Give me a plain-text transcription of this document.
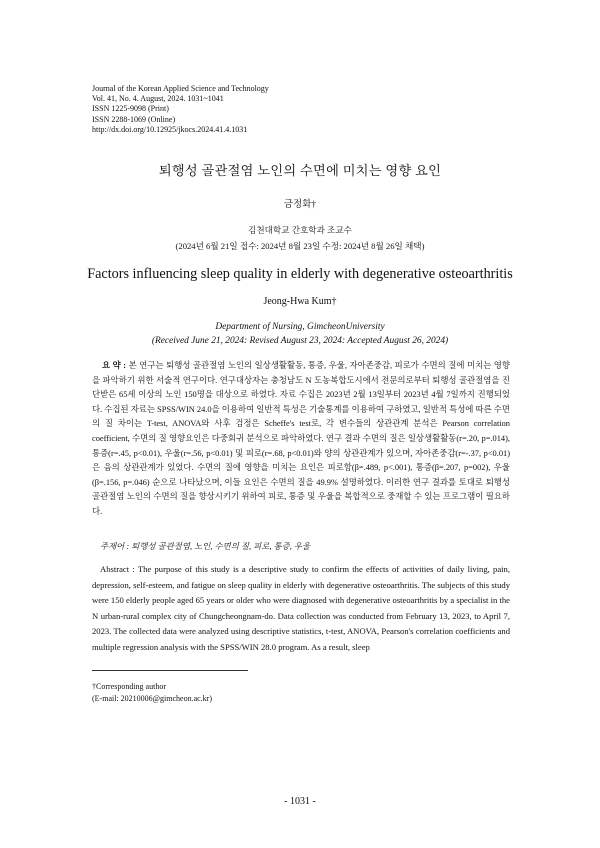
Journal of the Korean Applied Science and Technology
Vol. 41, No. 4. August, 2024. 1031~1041
ISSN 1225-9098 (Print)
ISSN 2288-1069 (Online)
http://dx.doi.org/10.12925/jkocs.2024.41.4.1031
퇴행성 골관절염 노인의 수면에 미치는 영향 요인
금정화†
김천대학교 간호학과 조교수
(2024년 6월 21일 접수: 2024년 8월 23일 수정: 2024년 8월 26일 채택)
Factors influencing sleep quality in elderly with degenerative osteoarthritis
Jeong-Hwa Kum†
Department of Nursing, GimcheonUniversity
(Received June 21, 2024: Revised August 23, 2024: Accepted August 26, 2024)
요 약 : 본 연구는 퇴행성 골관절염 노인의 일상생활활동, 통증, 우울, 자아존중감, 피로가 수면의 질에 미치는 영향을 파악하기 위한 서술적 연구이다. 연구대상자는 충청남도 N 도농복합도시에서 전문의로부터 퇴행성 골관절염을 진단받은 65세 이상의 노인 150명을 대상으로 하였다. 자료 수집은 2023년 2월 13일부터 2023년 4월 7일까지 진행되었다. 수집된 자료는 SPSS/WIN 24.0을 이용하여 일반적 특성은 기술통계를 이용하여 구하였고, 일반적 특성에 따른 수면의 질 차이는 T-test, ANOVA와 사후 검정은 Scheffe's test로, 각 변수들의 상관관계 분석은 Pearson correlation coefficient, 수면의 질 영향요인은 다중회귀 분석으로 파악하였다. 연구 결과 수면의 질은 일상생활활동(r=.20, p=.014), 통증(r=.45, p<0.01), 우울(r=.56, p<0.01) 및 피로(r=.68, p<0.01)와 양의 상관관계가 있으며, 자아존중감(r=-.37, p<0.01)은 음의 상관관계가 있었다. 수면의 질에 영향을 미치는 요인은 피로함(β=.489, p<.001), 통증(β=.207, p=002), 우울(β=.156, p=.046) 순으로 나타났으며, 이들 요인은 수면의 질을 49.9% 설명하였다. 이러한 연구 결과를 토대로 퇴행성 골관절염 노인의 수면의 질을 향상시키기 위하여 피로, 통증 및 우울을 복합적으로 중재할 수 있는 프로그램이 필요하다.
주제어 : 퇴행성 골관절염, 노인, 수면의 질, 피로, 통증, 우울
Abstract : The purpose of this study is a descriptive study to confirm the effects of activities of daily living, pain, depression, self-esteem, and fatigue on sleep quality in elderly with degenerative osteoarthritis. The subjects of this study were 150 elderly people aged 65 years or older who were diagnosed with degenerative osteoarthritis by a specialist in the N urban-rural complex city of Chungcheongnam-do. Data collection was conducted from February 13, 2023, to April 7, 2023. The collected data were analyzed using descriptive statistics, t-test, ANOVA, Pearson's correlation coefficients and multiple regression analysis with the SPSS/WIN 28.0 program. As a result, sleep
†Corresponding author
(E-mail: 20210006@gimcheon.ac.kr)
- 1031 -
